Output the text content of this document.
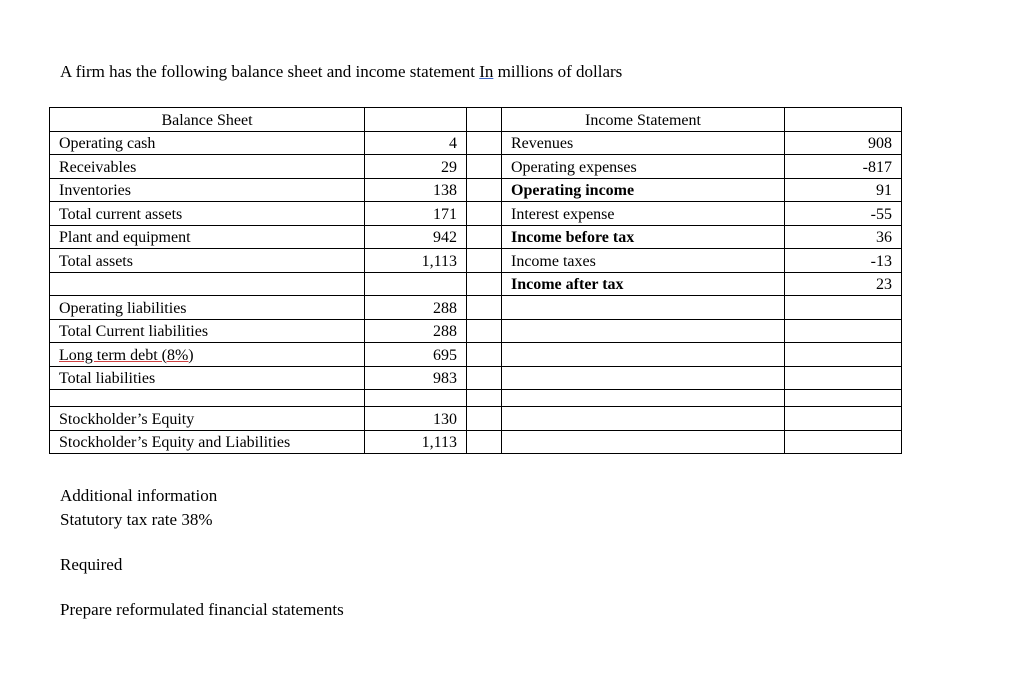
A firm has the following balance sheet and income statement In millions of dollars
Balance Sheet			Income Statement	
Operating cash	4		Revenues	908
Receivables	29		Operating expenses	-817
Inventories	138		Operating income	91
Total current assets	171		Interest expense	-55
Plant and equipment	942		Income before tax	36
Total assets	1,113		Income taxes	-13
			Income after tax	23
Operating liabilities	288			
Total Current liabilities	288			
Long term debt (8%)	695			
Total liabilities	983			

Stockholder’s Equity	130			
Stockholder’s Equity and Liabilities	1,113			
Additional information
Statutory tax rate 38%
Required
Prepare reformulated financial statements
